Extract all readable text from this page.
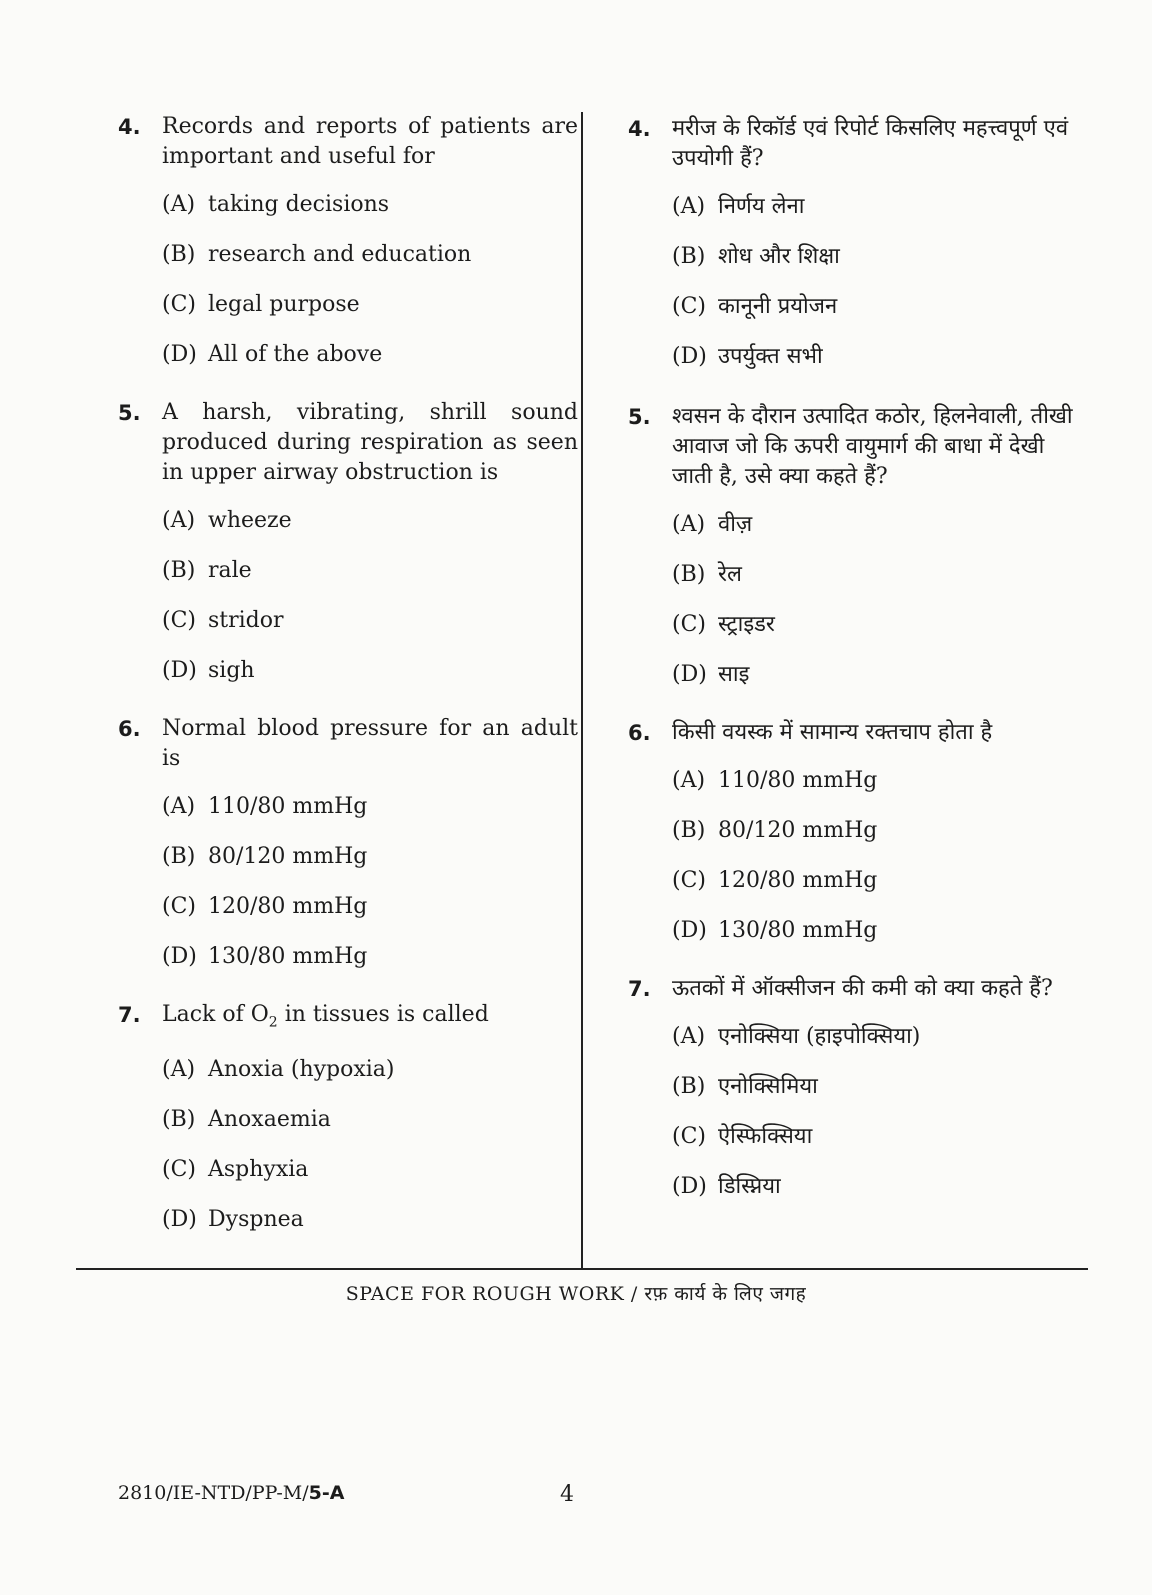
4. Records and reports of patients are important and useful for
(A) taking decisions
(B) research and education
(C) legal purpose
(D) All of the above
5. A harsh, vibrating, shrill sound produced during respiration as seen in upper airway obstruction is
(A) wheeze
(B) rale
(C) stridor
(D) sigh
6. Normal blood pressure for an adult is
(A) 110/80 mmHg
(B) 80/120 mmHg
(C) 120/80 mmHg
(D) 130/80 mmHg
7. Lack of $O_2$ in tissues is called
(A) Anoxia (hypoxia)
(B) Anoxaemia
(C) Asphyxia
(D) Dyspnea
4. मरीज के रिकॉर्ड एवं रिपोर्ट किसलिए महत्त्वपूर्ण एवं उपयोगी हैं?
(A) निर्णय लेना
(B) शोध और शिक्षा
(C) कानूनी प्रयोजन
(D) उपर्युक्त सभी
5. श्वसन के दौरान उत्पादित कठोर, हिलनेवाली, तीखी आवाज जो कि ऊपरी वायुमार्ग की बाधा में देखी जाती है, उसे क्या कहते हैं?
(A) वीज़
(B) रेल
(C) स्ट्राइडर
(D) साइ
6. किसी वयस्क में सामान्य रक्तचाप होता है
(A) 110/80 mmHg
(B) 80/120 mmHg
(C) 120/80 mmHg
(D) 130/80 mmHg
7. ऊतकों में ऑक्सीजन की कमी को क्या कहते हैं?
(A) एनोक्सिया (हाइपोक्सिया)
(B) एनोक्सिमिया
(C) ऐस्फिक्सिया
(D) डिस्प्निया
SPACE FOR ROUGH WORK / रफ़ कार्य के लिए जगह
2810/IE-NTD/PP-M/5-A	4
